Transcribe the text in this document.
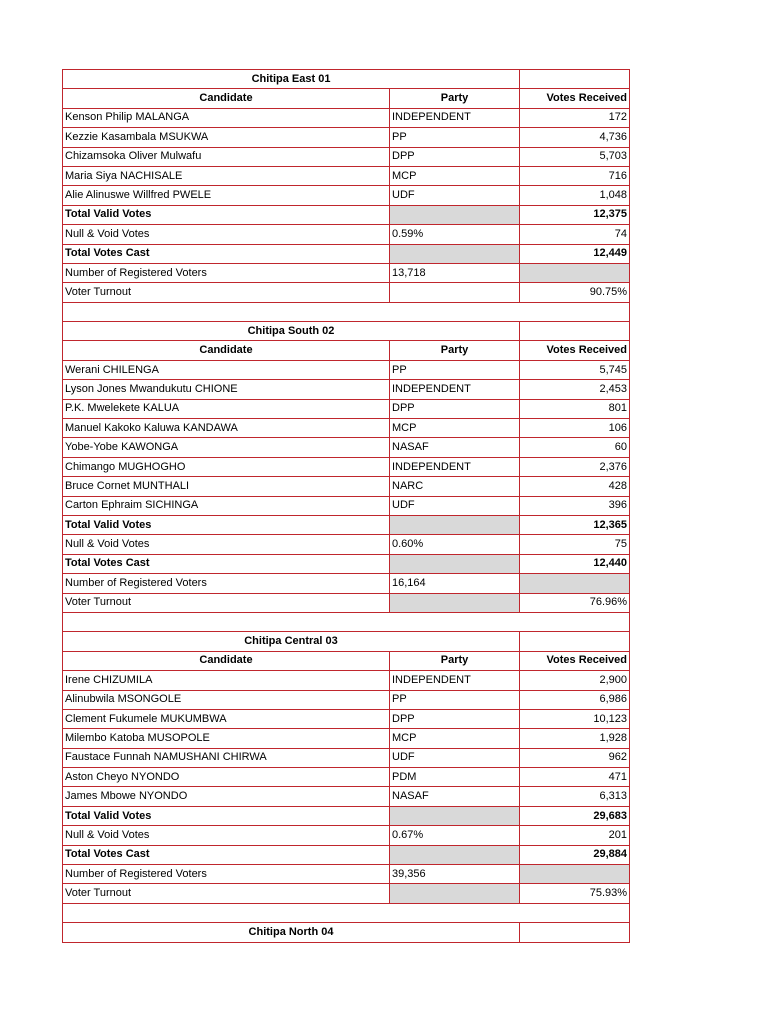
Chitipa East 01		
Candidate	Party	Votes Received
Kenson Philip MALANGA	INDEPENDENT	172
Kezzie Kasambala MSUKWA	PP	4,736
Chizamsoka Oliver Mulwafu	DPP	5,703
Maria Siya NACHISALE	MCP	716
Alie Alinuswe Willfred PWELE	UDF	1,048
Total Valid Votes		12,375
Null & Void Votes	0.59%	74
Total Votes Cast		12,449
Number of Registered Voters	13,718	
Voter Turnout		90.75%

Chitipa South 02		
Candidate	Party	Votes Received
Werani CHILENGA	PP	5,745
Lyson Jones Mwandukutu CHIONE	INDEPENDENT	2,453
P.K. Mwelekete KALUA	DPP	801
Manuel Kakoko Kaluwa KANDAWA	MCP	106
Yobe-Yobe KAWONGA	NASAF	60
Chimango MUGHOGHO	INDEPENDENT	2,376
Bruce Cornet MUNTHALI	NARC	428
Carton Ephraim SICHINGA	UDF	396
Total Valid Votes		12,365
Null & Void Votes	0.60%	75
Total Votes Cast		12,440
Number of Registered Voters	16,164	
Voter Turnout		76.96%

Chitipa Central 03		
Candidate	Party	Votes Received
Irene CHIZUMILA	INDEPENDENT	2,900
Alinubwila MSONGOLE	PP	6,986
Clement Fukumele MUKUMBWA	DPP	10,123
Milembo Katoba MUSOPOLE	MCP	1,928
Faustace Funnah NAMUSHANI CHIRWA	UDF	962
Aston Cheyo NYONDO	PDM	471
James Mbowe NYONDO	NASAF	6,313
Total Valid Votes		29,683
Null & Void Votes	0.67%	201
Total Votes Cast		29,884
Number of Registered Voters	39,356	
Voter Turnout		75.93%

Chitipa North 04		
